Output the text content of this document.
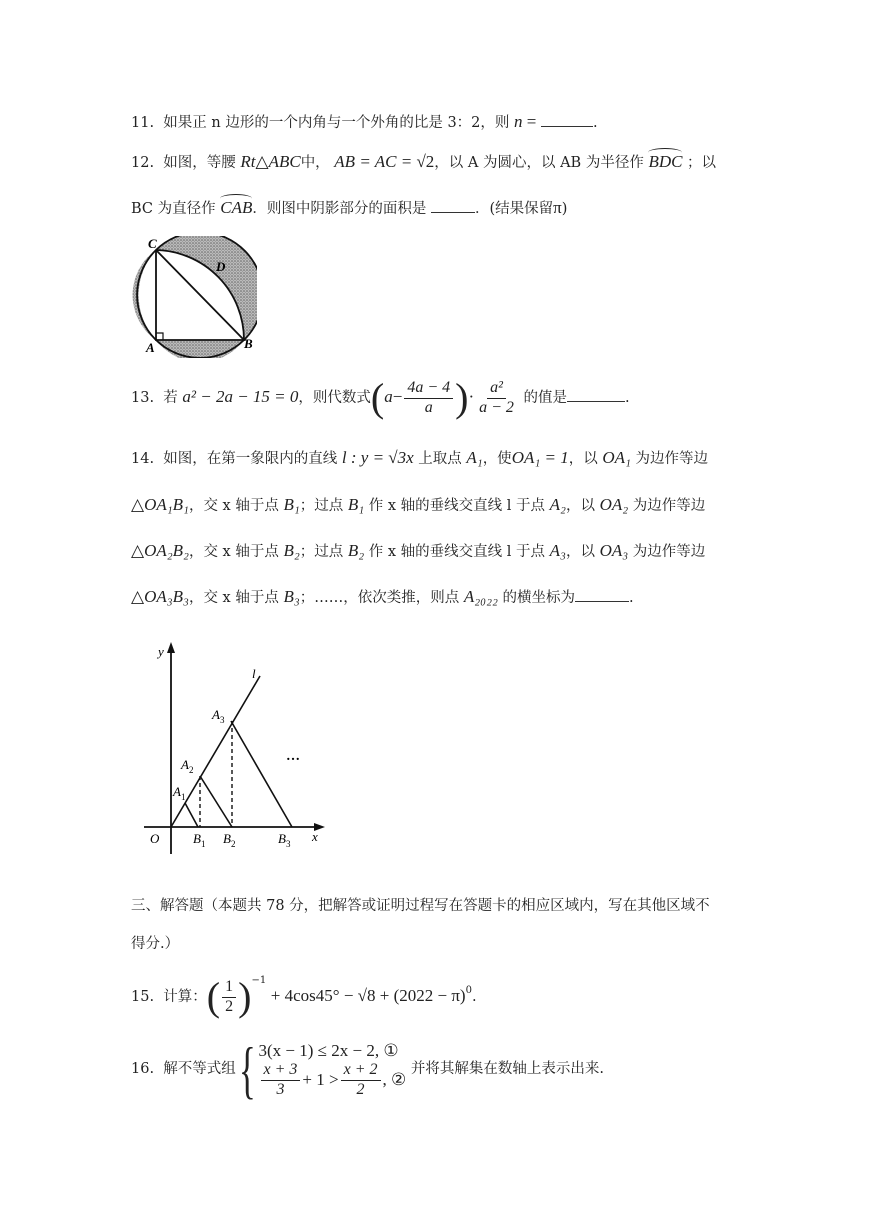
11. 如果正 n 边形的一个内角与一个外角的比是 3：2，则 n =	.
12. 如图，等腰 Rt△ABC中， AB = AC = √2，以 A 为圆心，以 AB 为半径作 BDC ；以
BC 为直径作 CAB．则图中阴影部分的面积是	．(结果保留π)
C
D
A	B
13. 若 a² − 2a − 15 = 0，则代数式($a- \frac{4a - 4}{a}$ )· $\frac{\text{a²}}{a - 2}$ 的值是	.
14. 如图，在第一象限内的直线 l : y = √3x 上取点 A₁，使OA₁ = 1，以 OA₁ 为边作等边
△OA₁B₁，交 x 轴于点 B₁；过点 B₁ 作 x 轴的垂线交直线 l 于点 A₂，以 OA₂ 为边作等边
△OA₂B₂，交 x 轴于点 B₂；过点 B₂ 作 x 轴的垂线交直线 l 于点 A₃，以 OA₃ 为边作等边
△OA₃B₃，交 x 轴于点 B₃；……，依次类推，则点 A₂₀₂₂ 的横坐标为	.
y
x
O
l
…
$A_1$
$A_2$
$A_3$
$B_1$ $B_2$	$B_3$
三、解答题（本题共 78 分，把解答或证明过程写在答题卡的相应区域内，写在其他区域不
得分.）
15. 计算：( $\frac{1}{2} )^{-1} + 4\cos 45^\circ - √8 + (2022 - \pi)^0$.
16. 解不等式组{ 3(x − 1) ≤ 2x − 2, ①
$\frac{x + 3}{3} + 1 > \frac{x + 2}{2}$ , ②
并将其解集在数轴上表示出来.
